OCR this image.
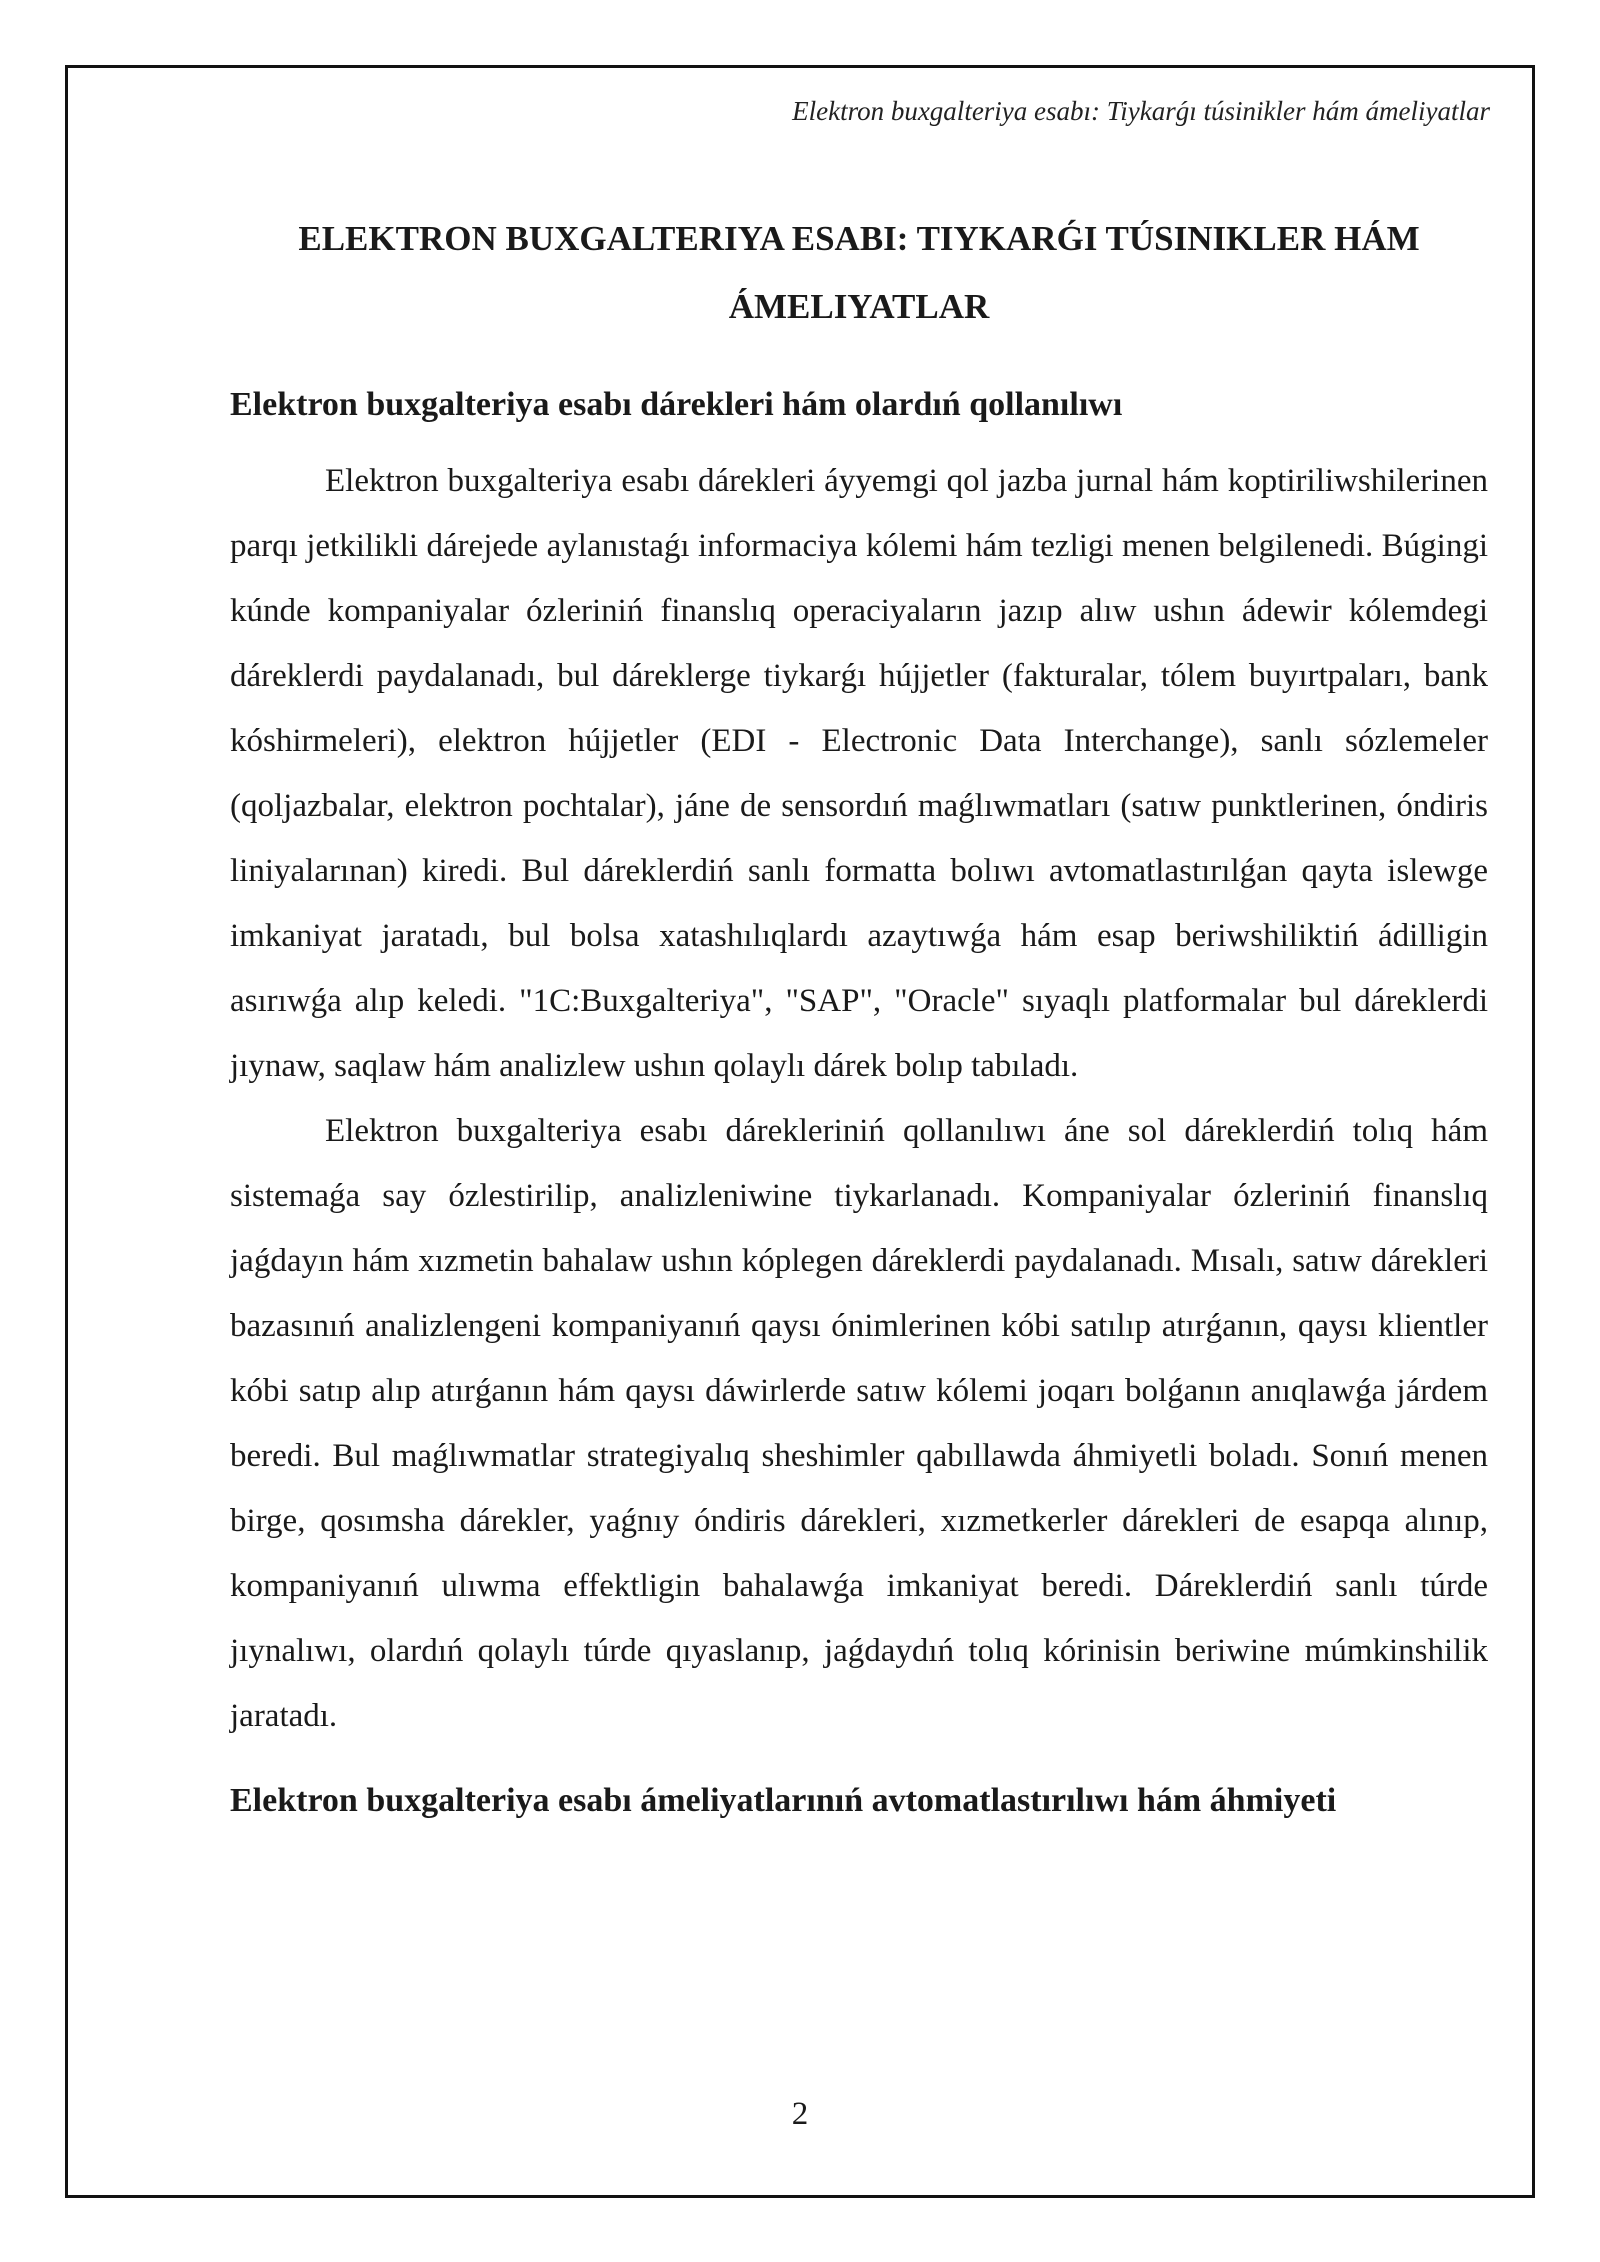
Elektron buxgalteriya esabı: Tiykarǵı túsinikler hám ámeliyatlar
ELEKTRON BUXGALTERIYA ESABI: TIYKARǴI TÚSINIKLER HÁM ÁMELIYATLAR
Elektron buxgalteriya esabı dárekleri hám olardıń qollanılıwı

Elektron buxgalteriya esabı dárekleri áyyemgi qol jazba jurnal hám koptiriliwshilerinen parqı jetkilikli dárejede aylanıstaǵı informaciya kólemi hám tezligi menen belgilenedi. Búgingi kúnde kompaniyalar ózleriniń finanslıq operaciyaların jazıp alıw ushın ádewir kólemdegi dáreklerdi paydalanadı, bul dáreklerge tiykarǵı hújjetler (fakturalar, tólem buyırtpaları, bank kóshirmeleri), elektron hújjetler (EDI - Electronic Data Interchange), sanlı sózlemeler (qoljazbalar, elektron pochtalar), jáne de sensordıń maǵlıwmatları (satıw punktlerinen, óndiris liniyalarınan) kiredi. Bul dáreklerdiń sanlı formatta bolıwı avtomatlastırılǵan qayta islewge imkaniyat jaratadı, bul bolsa xatashılıqlardı azaytıwǵa hám esap beriwshiliktiń ádilligin asırıwǵa alıp keledi. "1C:Buxgalteriya", "SAP", "Oracle" sıyaqlı platformalar bul dáreklerdi jıynaw, saqlaw hám analizlew ushın qolaylı dárek bolıp tabıladı.

Elektron buxgalteriya esabı dárekleriniń qollanılıwı áne sol dáreklerdiń tolıq hám sistemaǵa say ózlestirilip, analizleniwine tiykarlanadı. Kompaniyalar ózleriniń finanslıq jaǵdayın hám xızmetin bahalaw ushın kóplegen dáreklerdi paydalanadı. Mısalı, satıw dárekleri bazasınıń analizlengeni kompaniyanıń qaysı ónimlerinen kóbi satılıp atırǵanın, qaysı klientler kóbi satıp alıp atırǵanın hám qaysı dáwirlerde satıw kólemi joqarı bolǵanın anıqlawǵa járdem beredi. Bul maǵlıwmatlar strategiyalıq sheshimler qabıllawda áhmiyetli boladı. Sonıń menen birge, qosımsha dárekler, yaǵnıy óndiris dárekleri, xızmetkerler dárekleri de esapqa alınıp, kompaniyanıń ulıwma effektligin bahalawǵa imkaniyat beredi. Dáreklerdiń sanlı túrde jıynalıwı, olardıń qolaylı túrde qıyaslanıp, jaǵdaydıń tolıq kórinisin beriwine múmkinshilik jaratadı.

Elektron buxgalteriya esabı ámeliyatlarınıń avtomatlastırılıwı hám áhmiyeti
2
